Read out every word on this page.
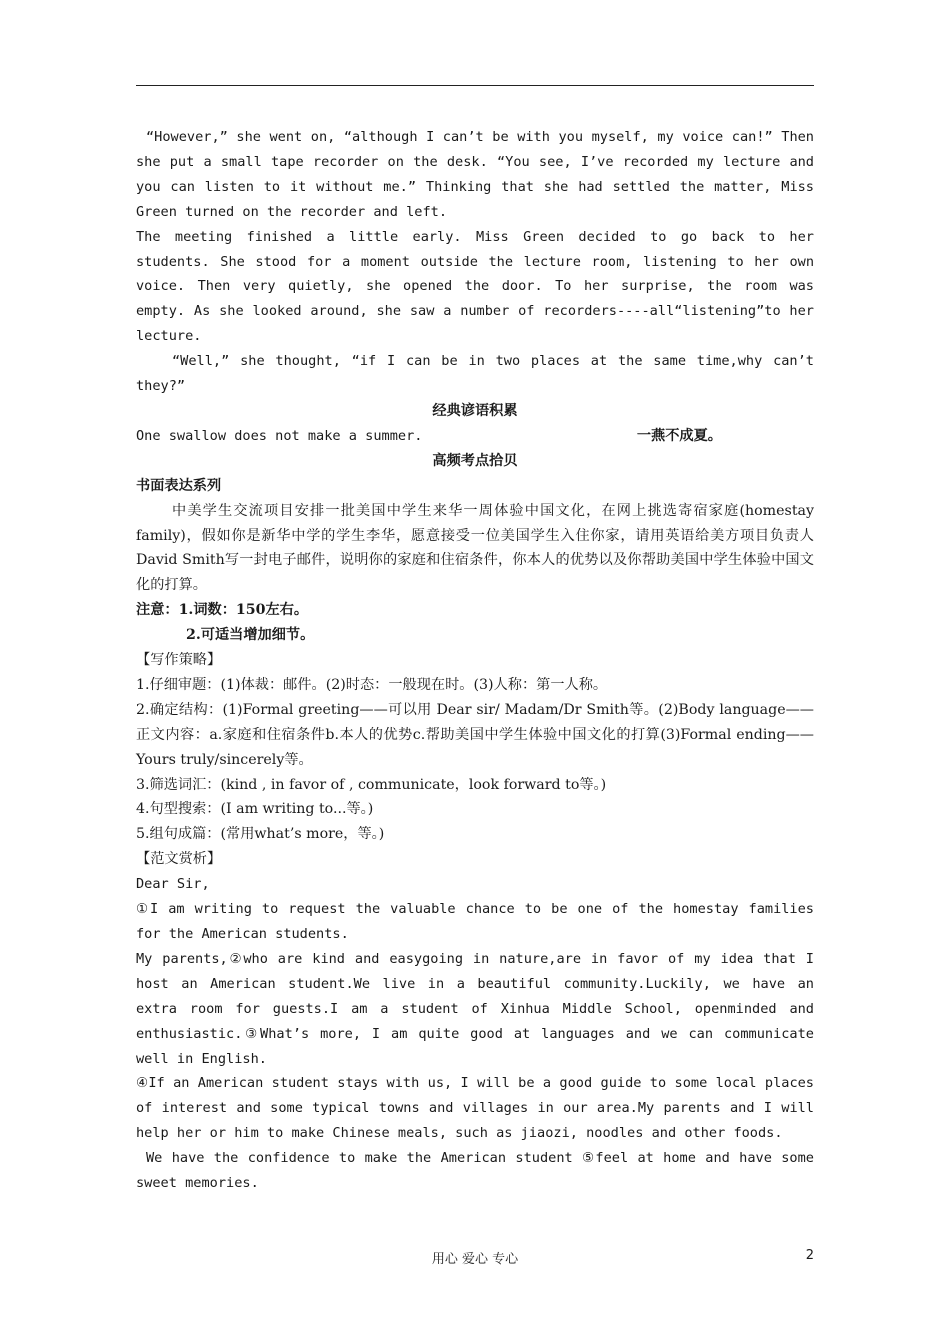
“However,” she went on, “although I can’t be with you myself, my voice can!” Then she put a small tape recorder on the desk. “You see, I’ve recorded my lecture and you can listen to it without me.” Thinking that she had settled the matter, Miss Green turned on the recorder and left.

The meeting finished a little early. Miss Green decided to go back to her students. She stood for a moment outside the lecture room, listening to her own voice. Then very quietly, she opened the door. To her surprise, the room was empty. As she looked around, she saw a number of recorders----all“listening”to her lecture.

“Well,” she thought, “if I can be in two places at the same time,why can’t they?”

经典谚语积累

One swallow does not make a summer.	一燕不成夏。

高频考点拾贝

书面表达系列

中美学生交流项目安排一批美国中学生来华一周体验中国文化，在网上挑选寄宿家庭(homestay family)，假如你是新华中学的学生李华，愿意接受一位美国学生入住你家，请用英语给美方项目负责人David Smith写一封电子邮件，说明你的家庭和住宿条件，你本人的优势以及你帮助美国中学生体验中国文化的打算。

注意：1.词数：150左右。

2.可适当增加细节。

【写作策略】

1.仔细审题：(1)体裁：邮件。(2)时态：一般现在时。(3)人称：第一人称。

2.确定结构：(1)Formal greeting——可以用 Dear sir/ Madam/Dr Smith等。(2)Body language——正文内容：a.家庭和住宿条件b.本人的优势c.帮助美国中学生体验中国文化的打算(3)Formal ending——Yours truly/sincerely等。

3.筛选词汇：(kind , in favor of , communicate，look forward to等。)

4.句型搜索：(I am writing to...等。)

5.组句成篇：(常用what’s more，等。)

【范文赏析】

Dear Sir,

①I am writing to request the valuable chance to be one of the homestay families for the American students.

My parents,②who are kind and easygoing in nature,are in favor of my idea that I host an American student.We live in a beautiful community.Luckily, we have an extra room for guests.I am a student of Xinhua Middle School, openminded and enthusiastic.③What’s more, I am quite good at languages and we can communicate well in English.

④If an American student stays with us, I will be a good guide to some local places of interest and some typical towns and villages in our area.My parents and I will help her or him to make Chinese meals, such as jiaozi, noodles and other foods.

We have the confidence to make the American student ⑤feel at home and have some sweet memories.

用心 爱心 专心	2
